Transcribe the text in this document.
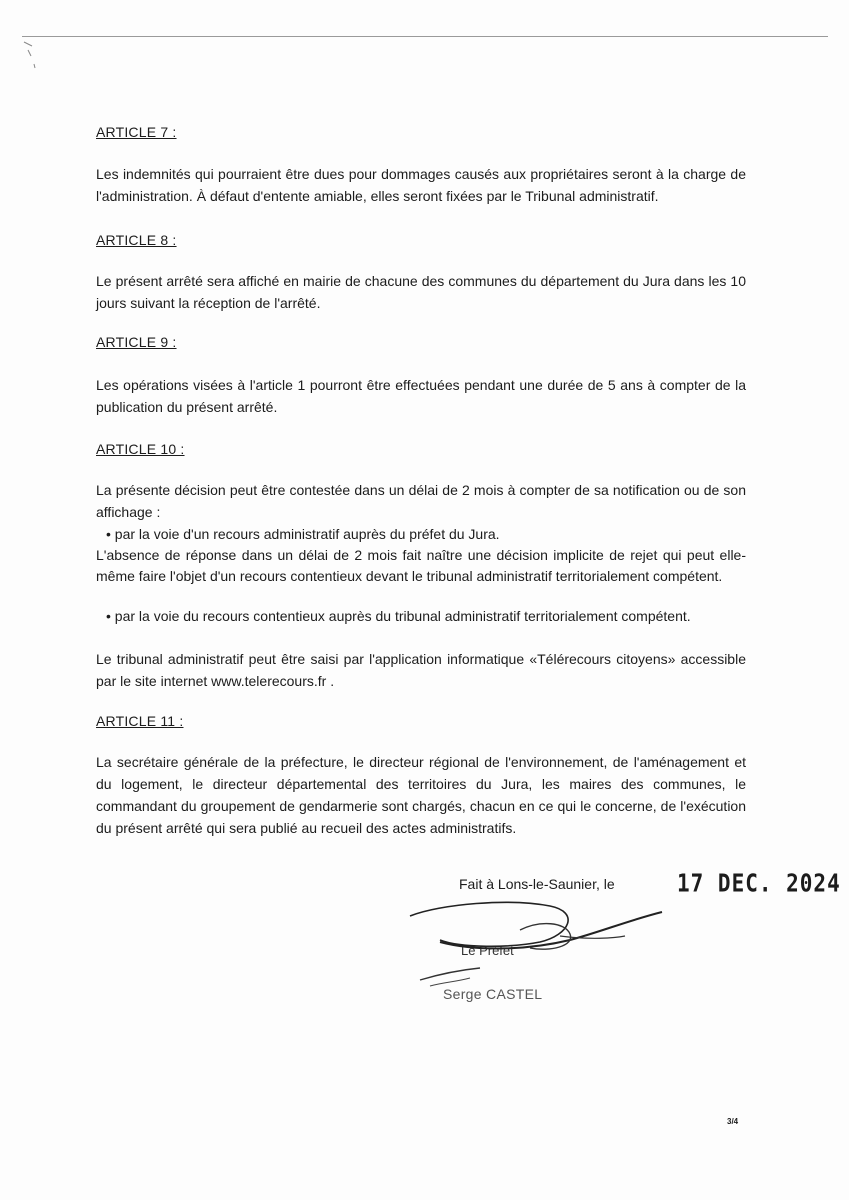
ARTICLE 7 :

Les indemnités qui pourraient être dues pour dommages causés aux propriétaires seront à la charge de l'administration. À défaut d'entente amiable, elles seront fixées par le Tribunal administratif.

ARTICLE 8 :

Le présent arrêté sera affiché en mairie de chacune des communes du département du Jura dans les 10 jours suivant la réception de l'arrêté.

ARTICLE 9 :

Les opérations visées à l'article 1 pourront être effectuées pendant une durée de 5 ans à compter de la publication du présent arrêté.

ARTICLE 10 :

La présente décision peut être contestée dans un délai de 2 mois à compter de sa notification ou de son affichage :

• par la voie d'un recours administratif auprès du préfet du Jura.

L'absence de réponse dans un délai de 2 mois fait naître une décision implicite de rejet qui peut elle-même faire l'objet d'un recours contentieux devant le tribunal administratif territorialement compétent.

• par la voie du recours contentieux auprès du tribunal administratif territorialement compétent.

Le tribunal administratif peut être saisi par l'application informatique «Télérecours citoyens» accessible par le site internet www.telerecours.fr .

ARTICLE 11 :

La secrétaire générale de la préfecture, le directeur régional de l'environnement, de l'aménagement et du logement, le directeur départemental des territoires du Jura, les maires des communes, le commandant du groupement de gendarmerie sont chargés, chacun en ce qui le concerne, de l'exécution du présent arrêté qui sera publié au recueil des actes administratifs.

Fait à Lons-le-Saunier, le	17 DEC. 2024
Le Préfet
Serge CASTEL
3/4
